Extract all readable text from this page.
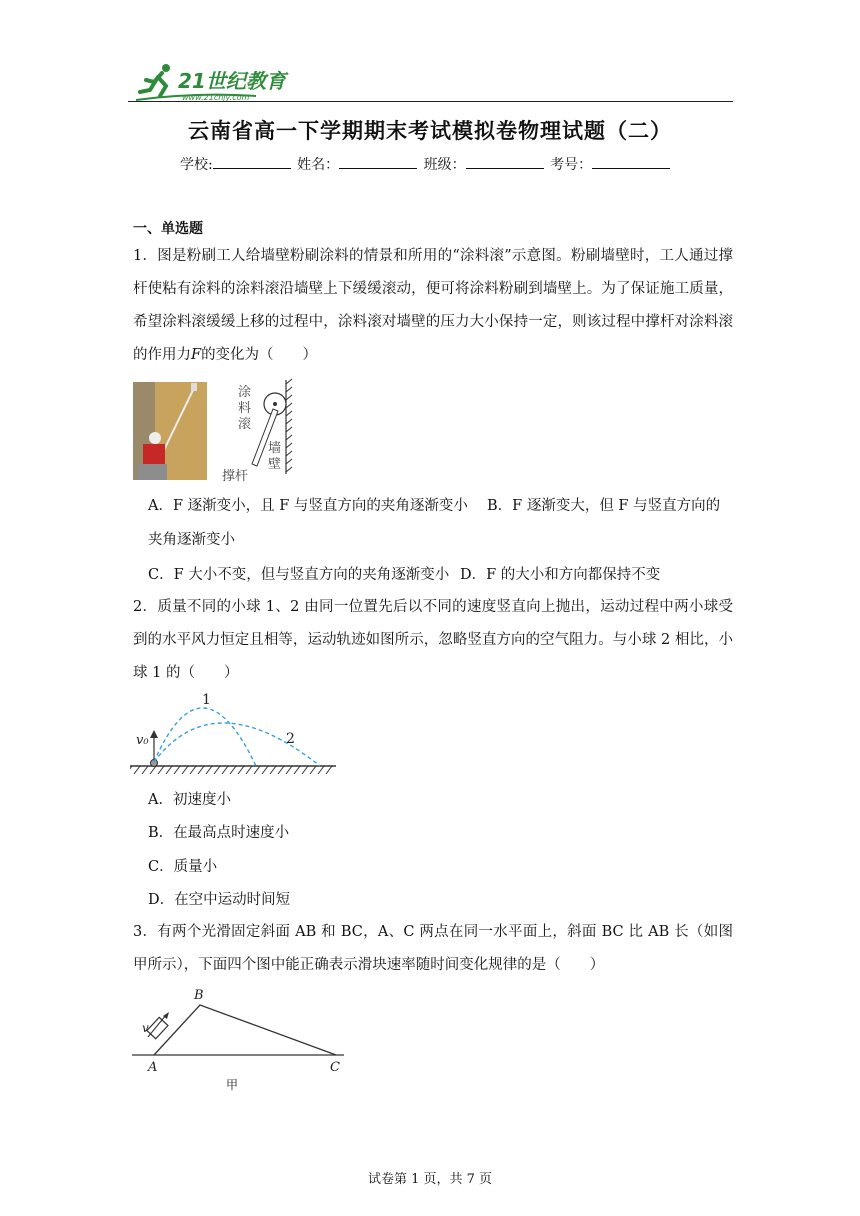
21世纪教育
www.21cnjy.com
云南省高一下学期期末考试模拟卷物理试题（二）
学校:	姓名：	班级：	考号：
一、单选题
1．图是粉刷工人给墙壁粉刷涂料的情景和所用的“涂料滚”示意图。粉刷墙壁时，工人通过撑杆使粘有涂料的涂料滚沿墙壁上下缓缓滚动，便可将涂料粉刷到墙壁上。为了保证施工质量，希望涂料滚缓缓上移的过程中，涂料滚对墙壁的压力大小保持一定，则该过程中撑杆对涂料滚的作用力F的变化为（　　）
涂
料
滚
墙
壁
撑杆
A．F 逐渐变小，且 F 与竖直方向的夹角逐渐变小 B．F 逐渐变大，但 F 与竖直方向的
夹角逐渐变小
C．F 大小不变，但与竖直方向的夹角逐渐变小 D．F 的大小和方向都保持不变
2．质量不同的小球 1、2 由同一位置先后以不同的速度竖直向上抛出，运动过程中两小球受到的水平风力恒定且相等，运动轨迹如图所示，忽略竖直方向的空气阻力。与小球 2 相比，小球 1 的（　　）
v₀
1
2
A．初速度小
B．在最高点时速度小
C．质量小
D．在空中运动时间短
3．有两个光滑固定斜面 AB 和 BC，A、C 两点在同一水平面上，斜面 BC 比 AB 长（如图甲所示），下面四个图中能正确表示滑块速率随时间变化规律的是（　　）
v
B
A	C
甲
试卷第 1 页，共 7 页
